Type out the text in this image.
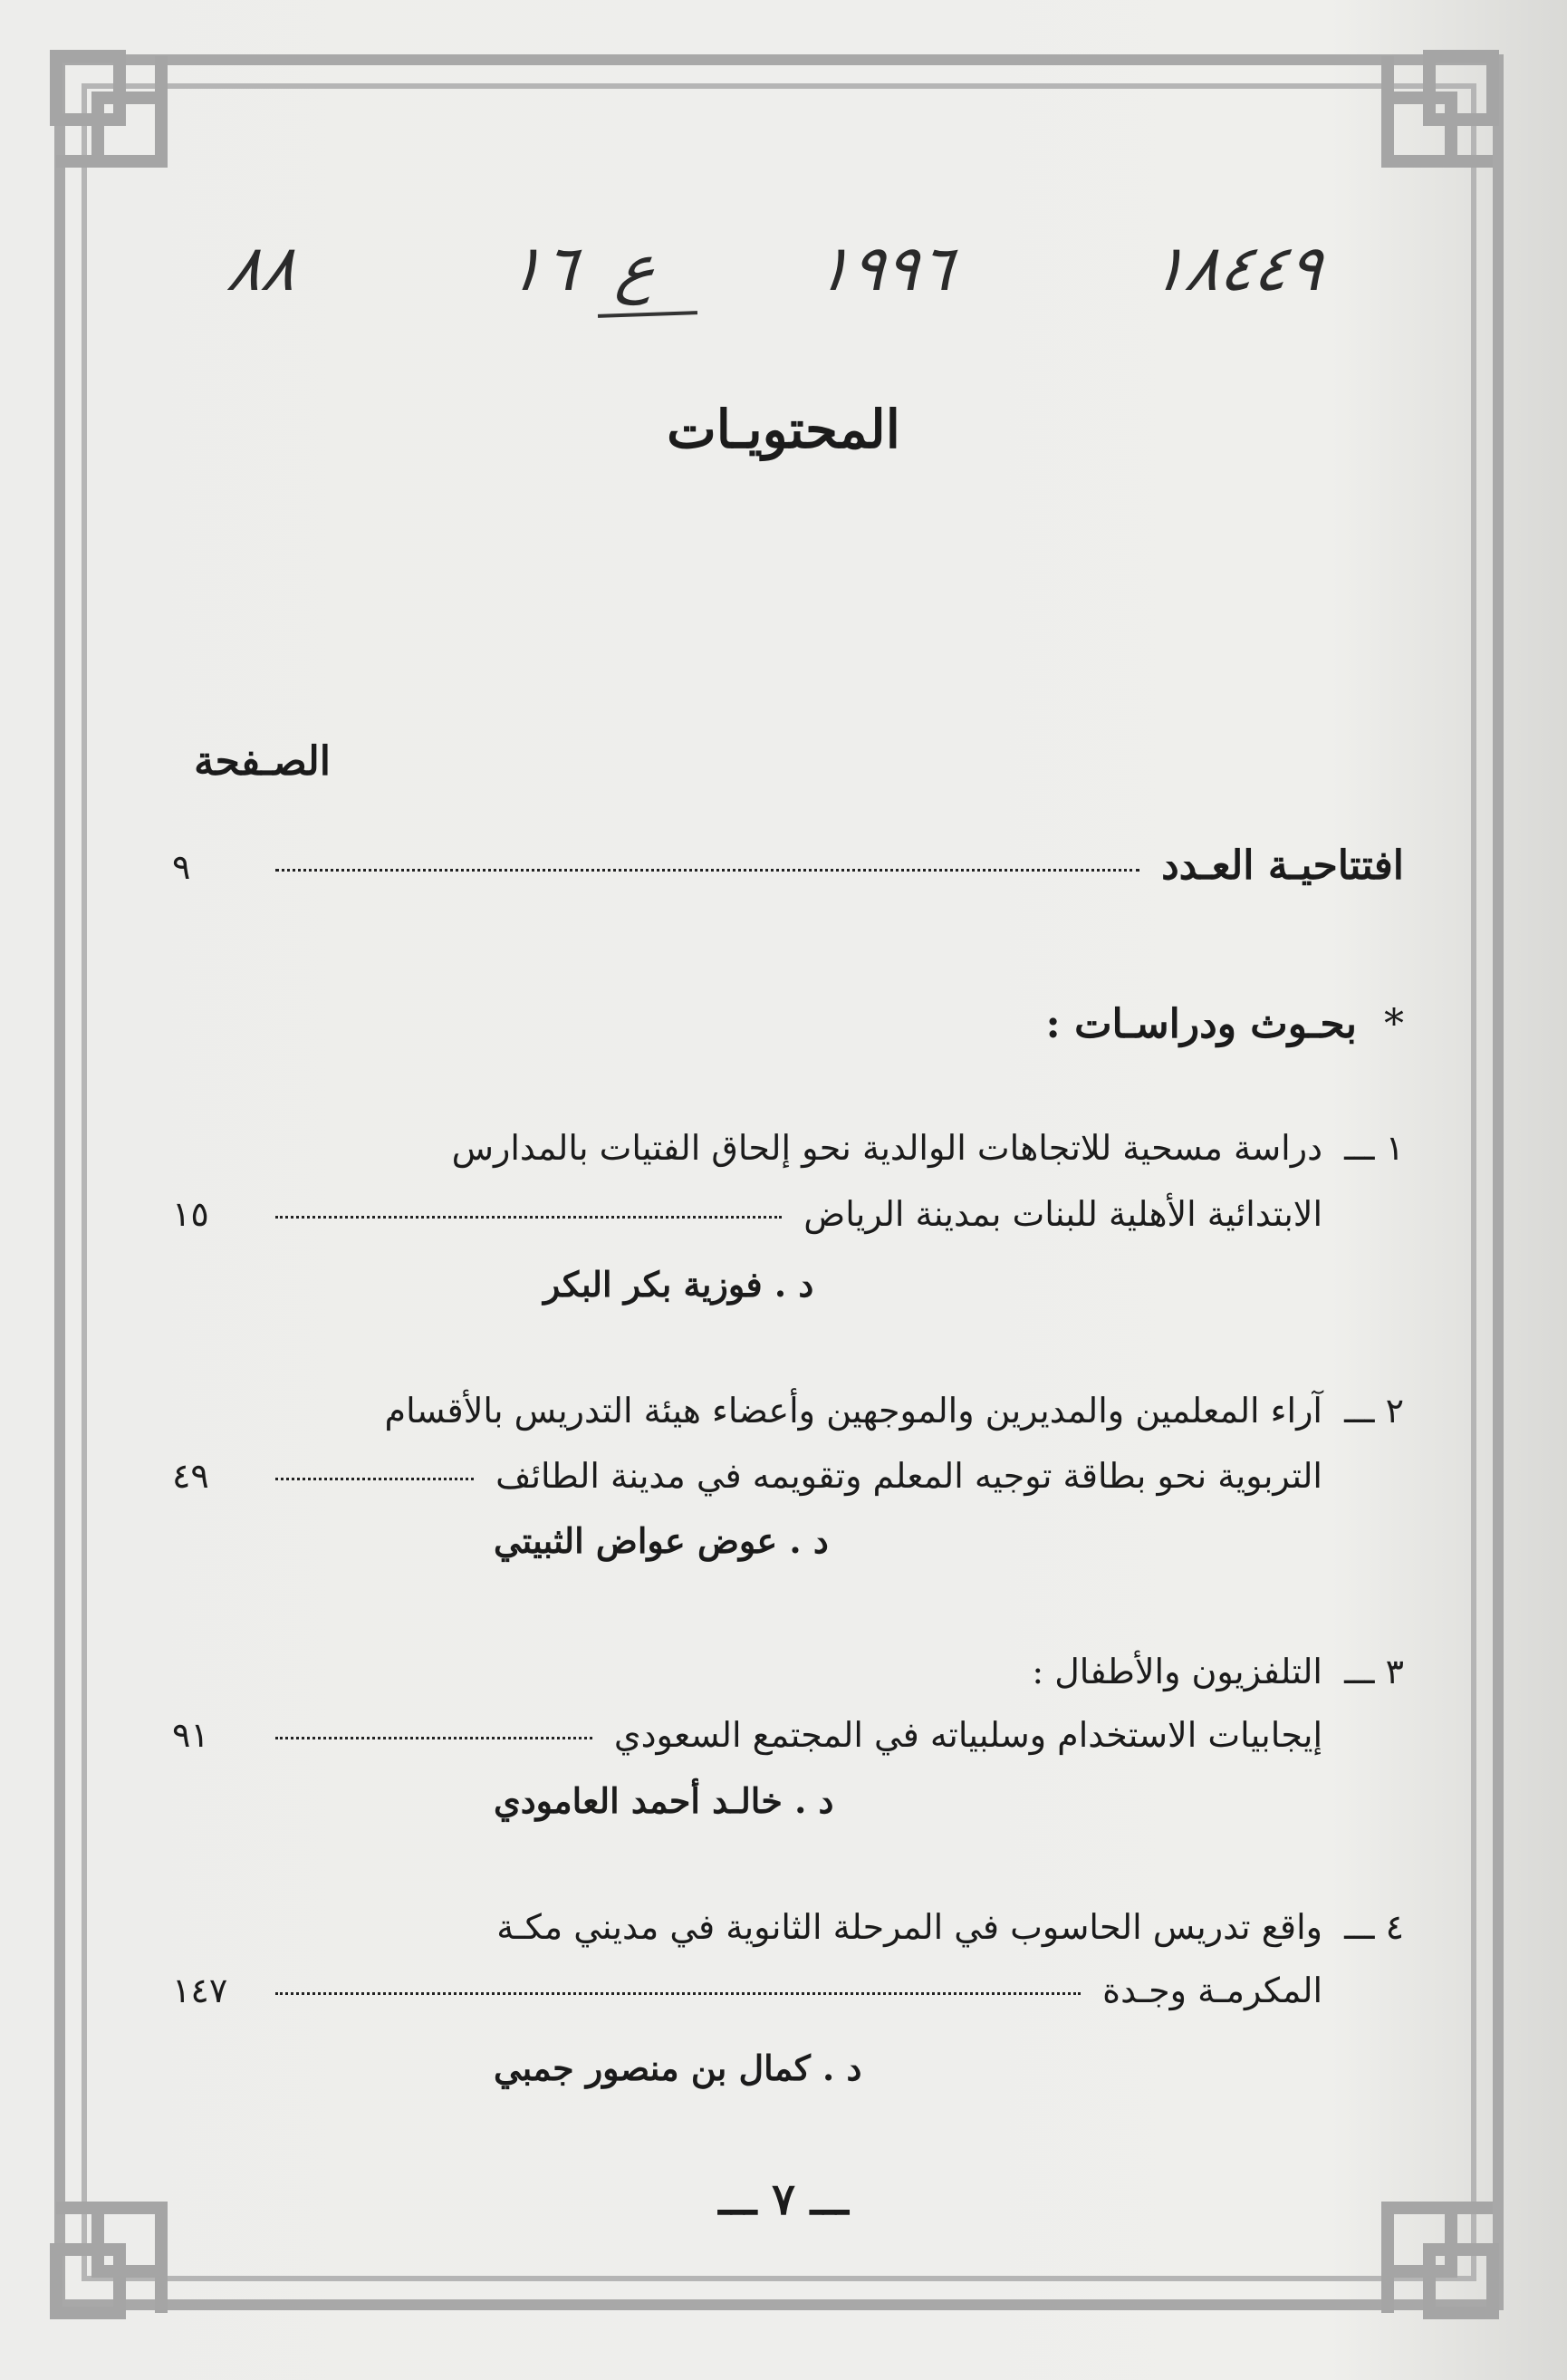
١٨٤٤٩
١٩٩٦
ع
١٦
٨٨
المحتويـات
الصـفحة
افتتاحيـة العـدد
٩
*بحـوث ودراسـات :
١ ـــدراسة مسحية للاتجاهات الوالدية نحو إلحاق الفتيات بالمدارس
الابتدائية الأهلية للبنات بمدينة الرياض
١٥
د . فوزية بكر البكر
٢ ـــآراء المعلمين والمديرين والموجهين وأعضاء هيئة التدريس بالأقسام
التربوية نحو بطاقة توجيه المعلم وتقويمه في مدينة الطائف
٤٩
د . عوض عواض الثبيتي
٣ ـــالتلفزيون والأطفال :
إيجابيات الاستخدام وسلبياته في المجتمع السعودي
٩١
د . خالـد أحمد العامودي
٤ ـــواقع تدريس الحاسوب في المرحلة الثانوية في مديني مكـة
المكرمـة وجـدة
١٤٧
د . كمال بن منصور جمبي
ـــ ٧ ـــ
